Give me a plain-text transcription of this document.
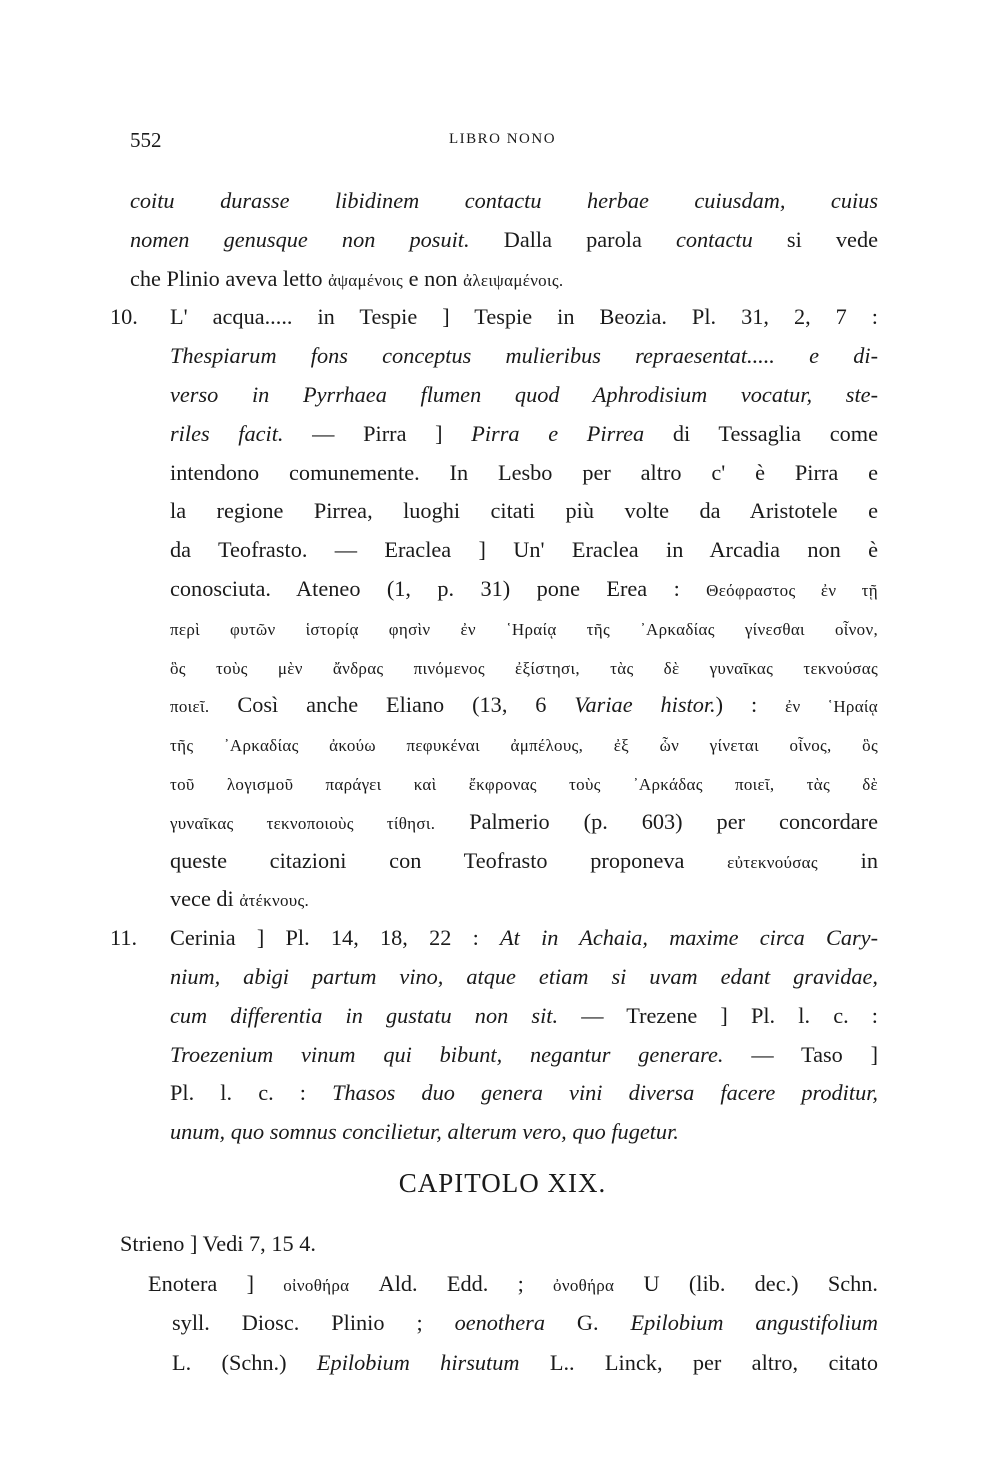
552	LIBRO NONO
coitu durasse libidinem contactu herbae cuiusdam, cuius
nomen genusque non posuit. Dalla parola contactu si vede
che Plinio aveva letto ἀψαμένοις e non ἀλειψαμένοις.
10. L' acqua..... in Tespie ] Tespie in Beozia. Pl. 31, 2, 7 :
Thespiarum fons conceptus mulieribus repraesentat..... e di-
verso in Pyrrhaea flumen quod Aphrodisium vocatur, ste-
riles facit. — Pirra ] Pirra e Pirrea di Tessaglia come
intendono comunemente. In Lesbo per altro c' è Pirra e
la regione Pirrea, luoghi citati più volte da Aristotele e
da Teofrasto. — Eraclea ] Un' Eraclea in Arcadia non è
conosciuta. Ateneo (1, p. 31) pone Erea : Θεόφραστος ἐν τῇ
περὶ φυτῶν ἱστορίᾳ φησὶν ἐν ῾Ηραίᾳ τῆς ᾿Αρκαδίας γίνεσθαι οἶνον,
ὃς τοὺς μὲν ἄνδρας πινόμενος ἐξίστησι, τὰς δὲ γυναῖκας τεκνούσας
ποιεῖ. Così anche Eliano (13, 6 Variae histor.) : ἐν ῾Ηραίᾳ
τῆς ᾿Αρκαδίας ἀκούω πεφυκέναι ἀμπέλους, ἐξ ὧν γίνεται οἶνος, ὃς
τοῦ λογισμοῦ παράγει καὶ ἔκφρονας τοὺς ᾿Αρκάδας ποιεῖ, τὰς δὲ
γυναῖκας τεκνοποιοὺς τίθησι. Palmerio (p. 603) per concordare
queste citazioni con Teofrasto proponeva εὐτεκνούσας in
vece di ἀτέκνους.
11. Cerinia ] Pl. 14, 18, 22 : At in Achaia, maxime circa Cary-
nium, abigi partum vino, atque etiam si uvam edant gravidae,
cum differentia in gustatu non sit. — Trezene ] Pl. l. c. :
Troezenium vinum qui bibunt, negantur generare. — Taso ]
Pl. l. c. : Thasos duo genera vini diversa facere proditur,
unum, quo somnus concilietur, alterum vero, quo fugetur.
CAPITOLO XIX.
Strieno ] Vedi 7, 15 4.
Enotera ] οἰνοθήρα Ald. Edd. ; ὀνοθήρα U (lib. dec.) Schn.
syll. Diosc. Plinio ; oenothera G. Epilobium angustifolium
L. (Schn.) Epilobium hirsutum L.. Linck, per altro, citato
